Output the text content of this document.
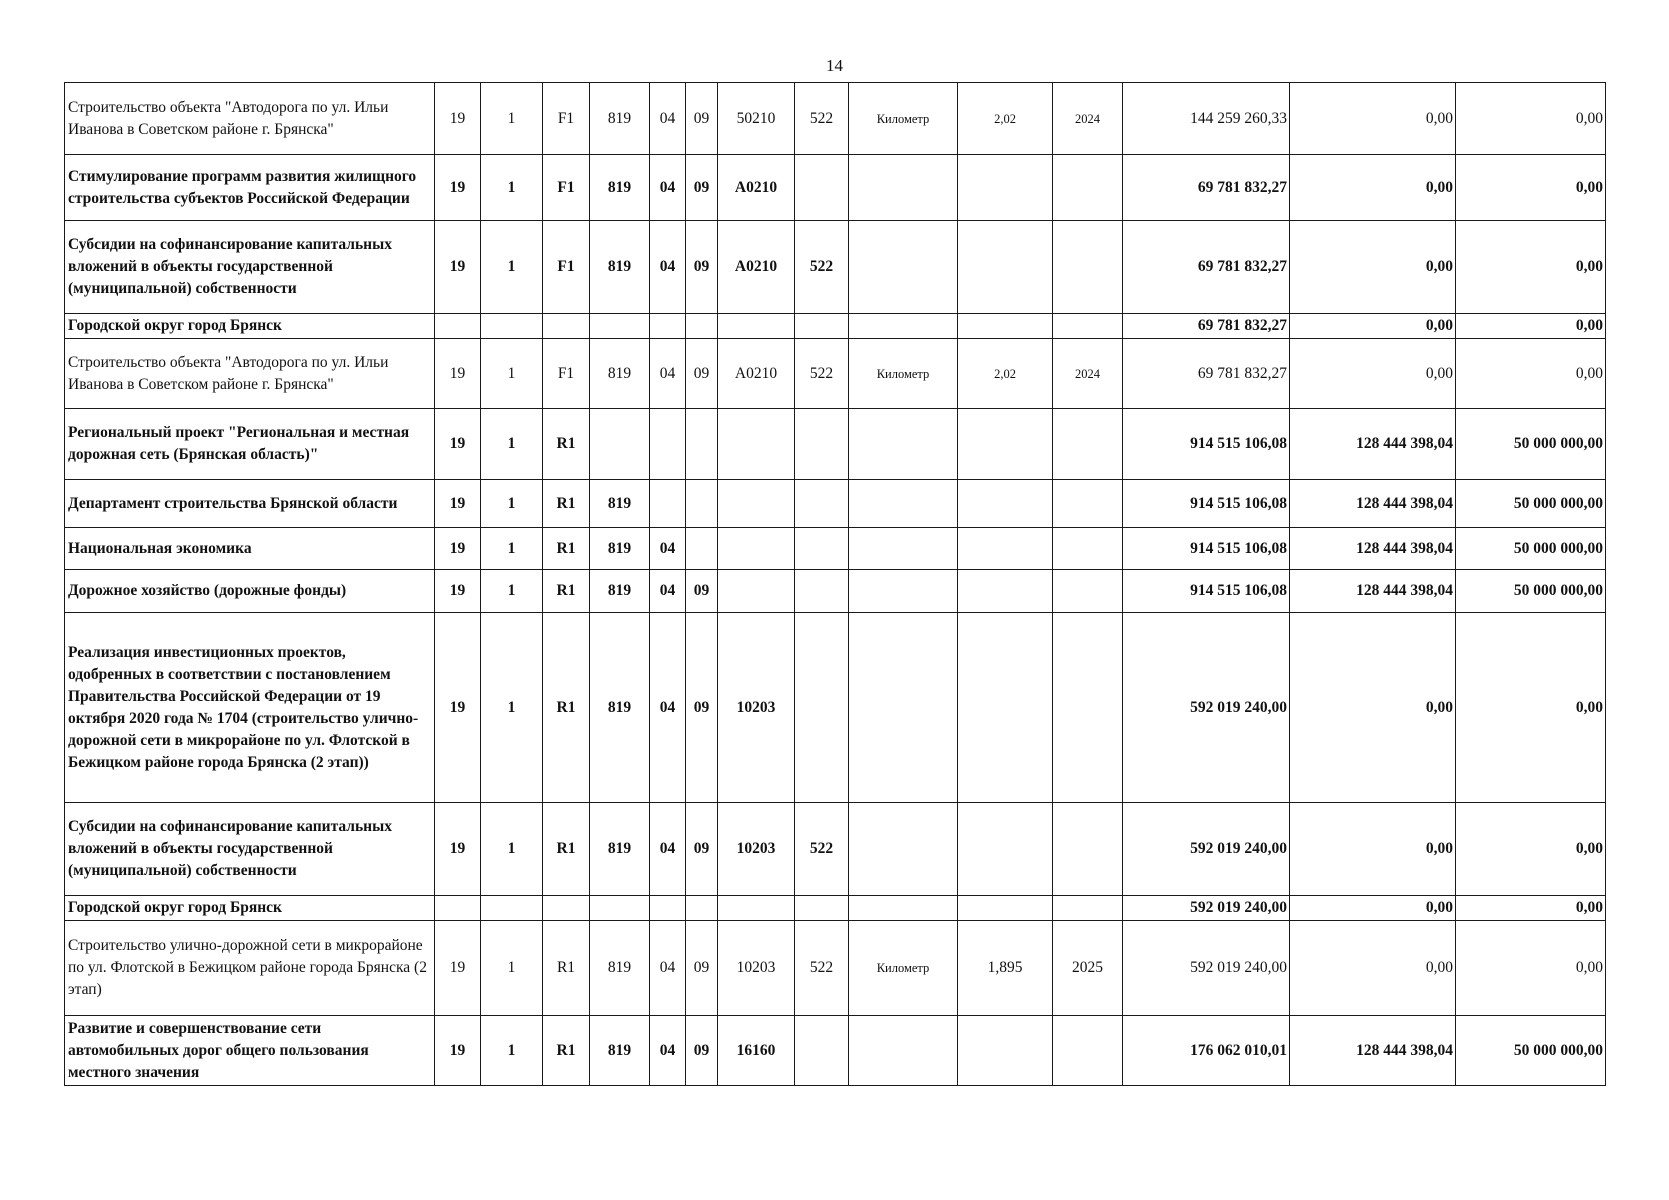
14
Строительство объекта "Автодорога по ул. Ильи Иванова в Советском районе г. Брянска"	19	1	F1	819	04	09	50210	522	Километр	2,02	2024	144 259 260,33	0,00	0,00
Стимулирование программ развития жилищного строительства субъектов Российской Федерации	19	1	F1	819	04	09	А0210					69 781 832,27	0,00	0,00
Субсидии на софинансирование капитальных вложений в объекты государственной (муниципальной) собственности	19	1	F1	819	04	09	А0210	522				69 781 832,27	0,00	0,00
Городской округ город Брянск												69 781 832,27	0,00	0,00
Строительство объекта "Автодорога по ул. Ильи Иванова в Советском районе г. Брянска"	19	1	F1	819	04	09	А0210	522	Километр	2,02	2024	69 781 832,27	0,00	0,00
Региональный проект "Региональная и местная дорожная сеть (Брянская область)"	19	1	R1									914 515 106,08	128 444 398,04	50 000 000,00
Департамент строительства Брянской области	19	1	R1	819								914 515 106,08	128 444 398,04	50 000 000,00
Национальная экономика	19	1	R1	819	04							914 515 106,08	128 444 398,04	50 000 000,00
Дорожное хозяйство (дорожные фонды)	19	1	R1	819	04	09						914 515 106,08	128 444 398,04	50 000 000,00
Реализация инвестиционных проектов, одобренных в соответствии с постановлением Правительства Российской Федерации от 19 октября 2020 года № 1704 (строительство улично-дорожной сети в микрорайоне по ул. Флотской в Бежицком районе города Брянска (2 этап))	19	1	R1	819	04	09	10203					592 019 240,00	0,00	0,00
Субсидии на софинансирование капитальных вложений в объекты государственной (муниципальной) собственности	19	1	R1	819	04	09	10203	522				592 019 240,00	0,00	0,00
Городской округ город Брянск												592 019 240,00	0,00	0,00
Строительство улично-дорожной сети в микрорайоне по ул. Флотской в Бежицком районе города Брянска (2 этап)	19	1	R1	819	04	09	10203	522	Километр	1,895	2025	592 019 240,00	0,00	0,00
Развитие и совершенствование сети автомобильных дорог общего пользования местного значения	19	1	R1	819	04	09	16160					176 062 010,01	128 444 398,04	50 000 000,00
